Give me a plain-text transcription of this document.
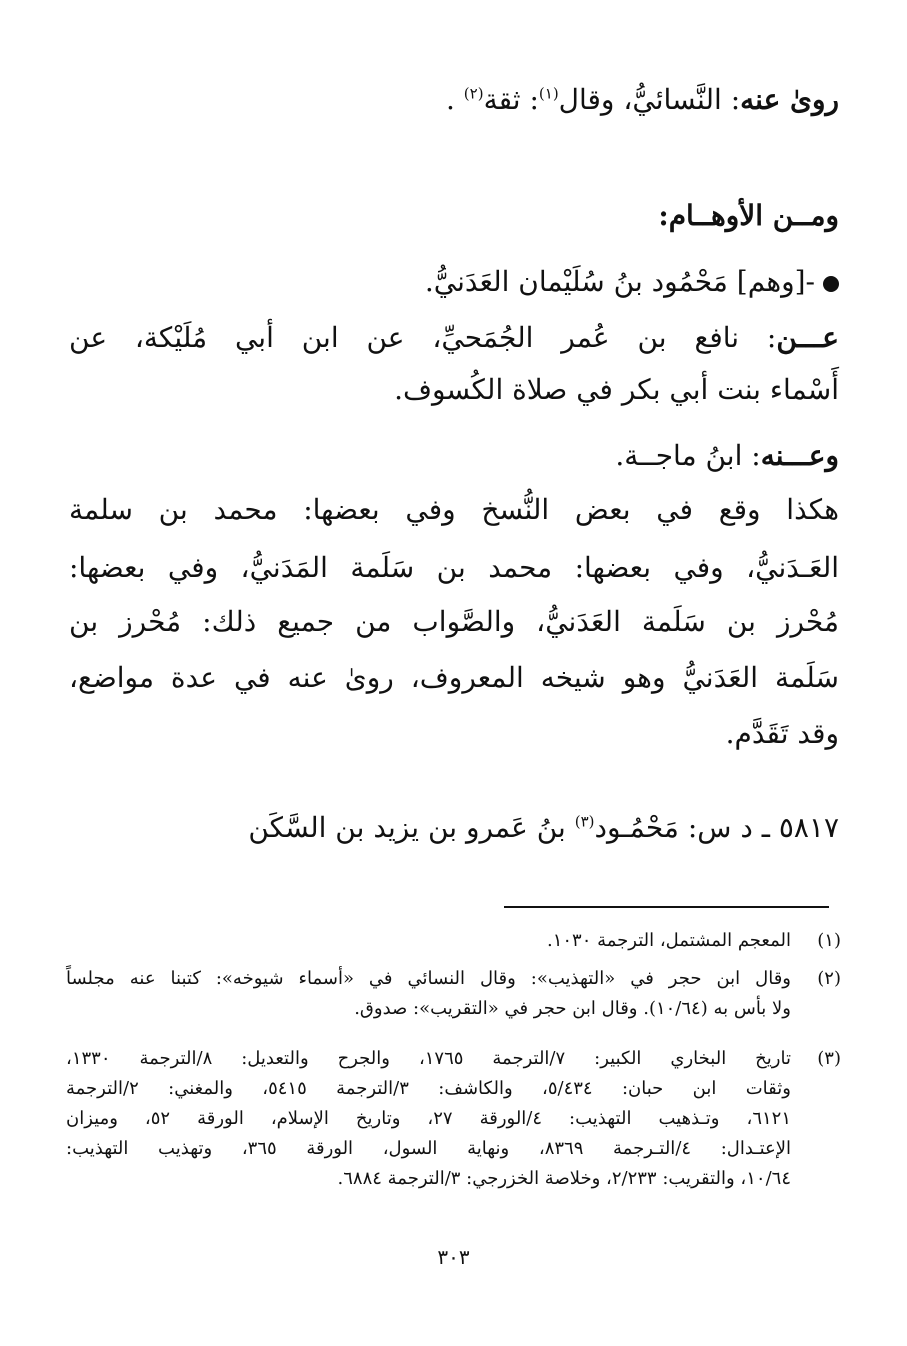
روىٰ عنه: النَّسائيُّ، وقال$^{(١)}$: ثقة$^{(٢)}$ .
ومــن الأوهــام:
-[وهم] مَحْمُود بنُ سُلَيْمان العَدَنيُّ.
عـــن: نافع بن عُمر الجُمَحيِّ، عن ابن أبي مُلَيْكة، عن
أَسْماء بنت أبي بكر في صلاة الكُسوف.
وعـــنه: ابنُ ماجــة.
هكذا وقع في بعض النُّسخ وفي بعضها: محمد بن سلمة
العَـدَنيُّ، وفي بعضها: محمد بن سَلَمة المَدَنيُّ، وفي بعضها:
مُحْرز بن سَلَمة العَدَنيُّ، والصَّواب من جميع ذلك: مُحْرز بن
سَلَمة العَدَنيُّ وهو شيخه المعروف، روىٰ عنه في عدة مواضع،
وقد تَقَدَّم.
٥٨١٧ ـ د س: مَحْمُـود$^{(٣)}$ بنُ عَمرو بن يزيد بن السَّكَن
(١)
المعجم المشتمل، الترجمة ١٠٣٠.
(٢)
وقال ابن حجر في «التهذيب»: وقال النسائي في «أسماء شيوخه»: كتبنا عنه مجلساً
ولا بأس به (١٠/٦٤). وقال ابن حجر في «التقريب»: صدوق.
(٣)
تاريخ البخاري الكبير: ٧/الترجمة ١٧٦٥، والجرح والتعديل: ٨/الترجمة ١٣٣٠،
وثقات ابن حبان: ٥/٤٣٤، والكاشف: ٣/الترجمة ٥٤١٥، والمغني: ٢/الترجمة
٦١٢١، وتـذهيب التهذيب: ٤/الورقة ٢٧، وتاريخ الإسلام، الورقة ٥٢، وميزان
الإعتـدال: ٤/التـرجمة ٨٣٦٩، ونهاية السول، الورقة ٣٦٥، وتهذيب التهذيب:
١٠/٦٤، والتقريب: ٢/٢٣٣، وخلاصة الخزرجي: ٣/الترجمة ٦٨٨٤.
٣٠٣
